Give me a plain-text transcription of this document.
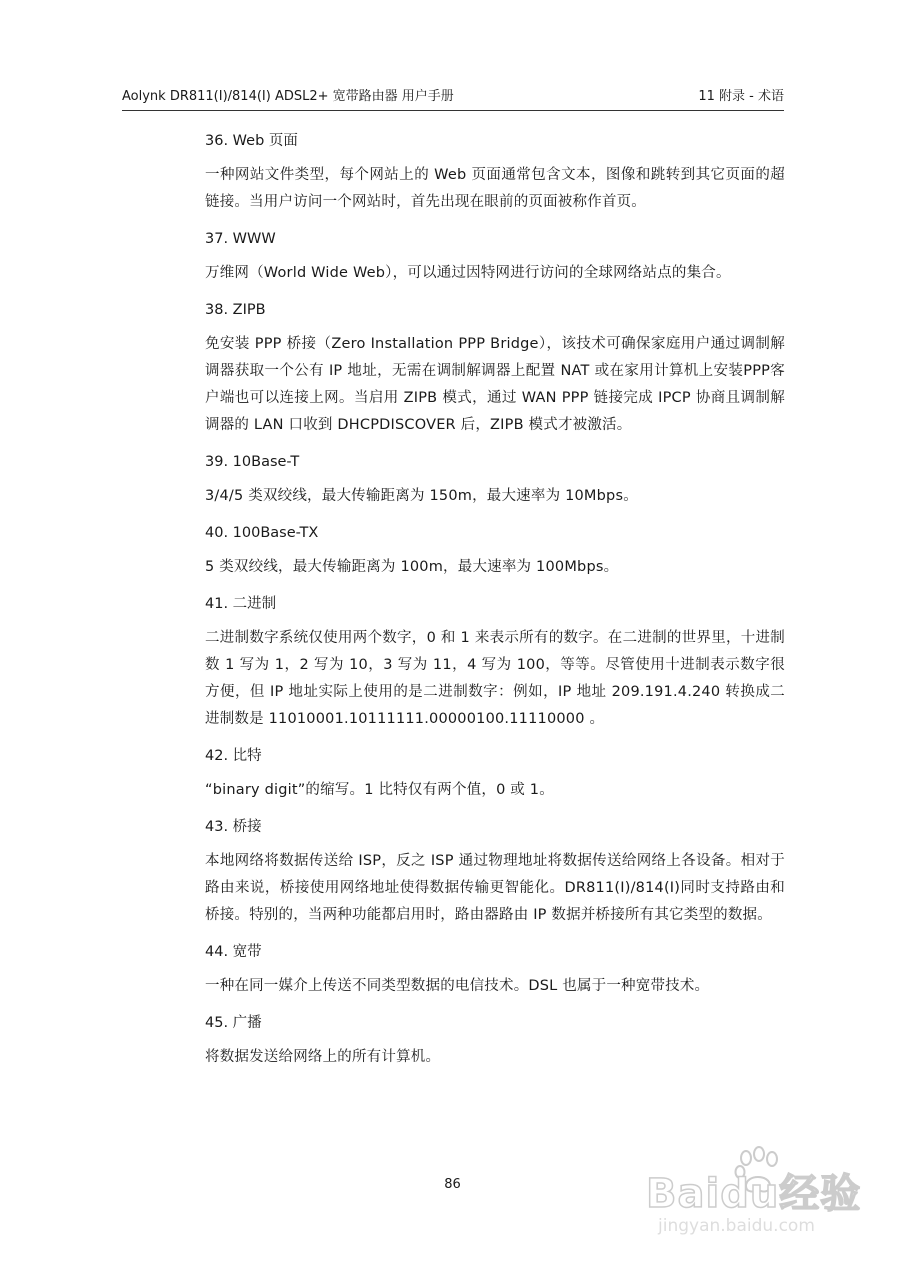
Aolynk DR811(I)/814(I) ADSL2+ 宽带路由器 用户手册	11 附录 - 术语
36. Web 页面

一种网站文件类型，每个网站上的 Web 页面通常包含文本，图像和跳转到其它页面的超链接。当用户访问一个网站时，首先出现在眼前的页面被称作首页。

37. WWW

万维网（World Wide Web），可以通过因特网进行访问的全球网络站点的集合。

38. ZIPB

免安装 PPP 桥接（Zero Installation PPP Bridge），该技术可确保家庭用户通过调制解调器获取一个公有 IP 地址，无需在调制解调器上配置 NAT 或在家用计算机上安装PPP客户端也可以连接上网。当启用 ZIPB 模式，通过 WAN PPP 链接完成 IPCP 协商且调制解调器的 LAN 口收到 DHCPDISCOVER 后，ZIPB 模式才被激活。

39. 10Base-T

3/4/5 类双绞线，最大传输距离为 150m，最大速率为 10Mbps。

40. 100Base-TX

5 类双绞线，最大传输距离为 100m，最大速率为 100Mbps。

41. 二进制

二进制数字系统仅使用两个数字，0 和 1 来表示所有的数字。在二进制的世界里，十进制数 1 写为 1，2 写为 10，3 写为 11，4 写为 100，等等。尽管使用十进制表示数字很方便，但 IP 地址实际上使用的是二进制数字：例如，IP 地址 209.191.4.240 转换成二进制数是 11010001.10111111.00000100.11110000 。

42. 比特

“binary digit”的缩写。1 比特仅有两个值，0 或 1。

43. 桥接

本地网络将数据传送给 ISP，反之 ISP 通过物理地址将数据传送给网络上各设备。相对于路由来说，桥接使用网络地址使得数据传输更智能化。DR811(I)/814(I)同时支持路由和桥接。特别的，当两种功能都启用时，路由器路由 IP 数据并桥接所有其它类型的数据。

44. 宽带

一种在同一媒介上传送不同类型数据的电信技术。DSL 也属于一种宽带技术。

45. 广播

将数据发送给网络上的所有计算机。

86	Baidu经验
jingyan.baidu.com
